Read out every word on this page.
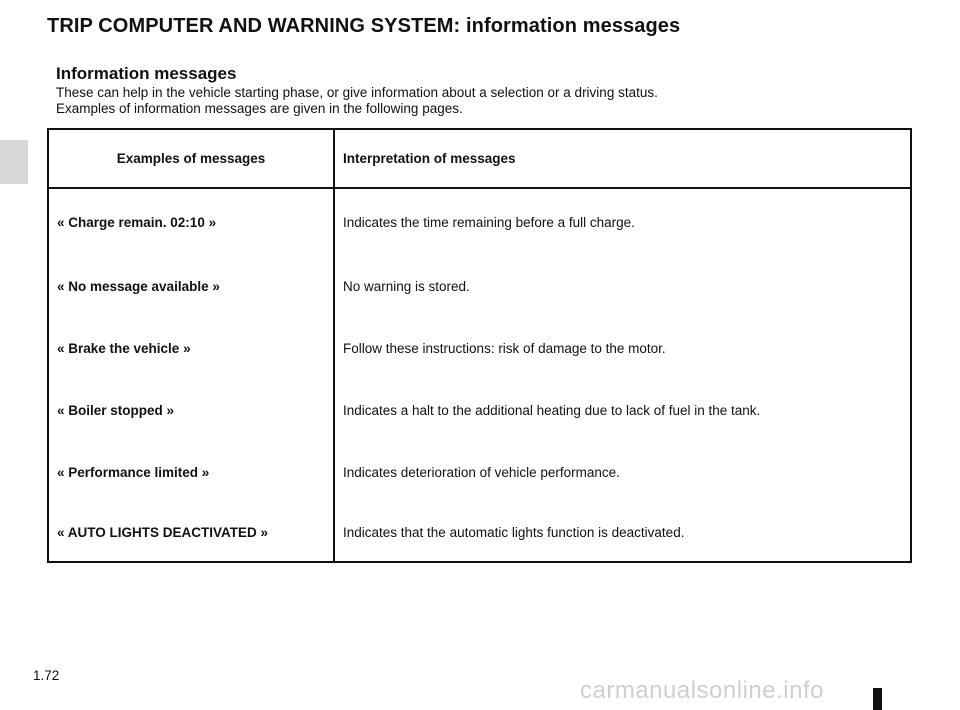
TRIP COMPUTER AND WARNING SYSTEM: information messages
Information messages

These can help in the vehicle starting phase, or give information about a selection or a driving status.

Examples of information messages are given in the following pages.

Examples of messages	Interpretation of messages
« Charge remain. 02:10 »	Indicates the time remaining before a full charge.
« No message available »	No warning is stored.
« Brake the vehicle »	Follow these instructions: risk of damage to the motor.
« Boiler stopped »	Indicates a halt to the additional heating due to lack of fuel in the tank.
« Performance limited »	Indicates deterioration of vehicle performance.
« AUTO LIGHTS DEACTIVATED »	Indicates that the automatic lights function is deactivated.
1.72
carmanualsonline.info
